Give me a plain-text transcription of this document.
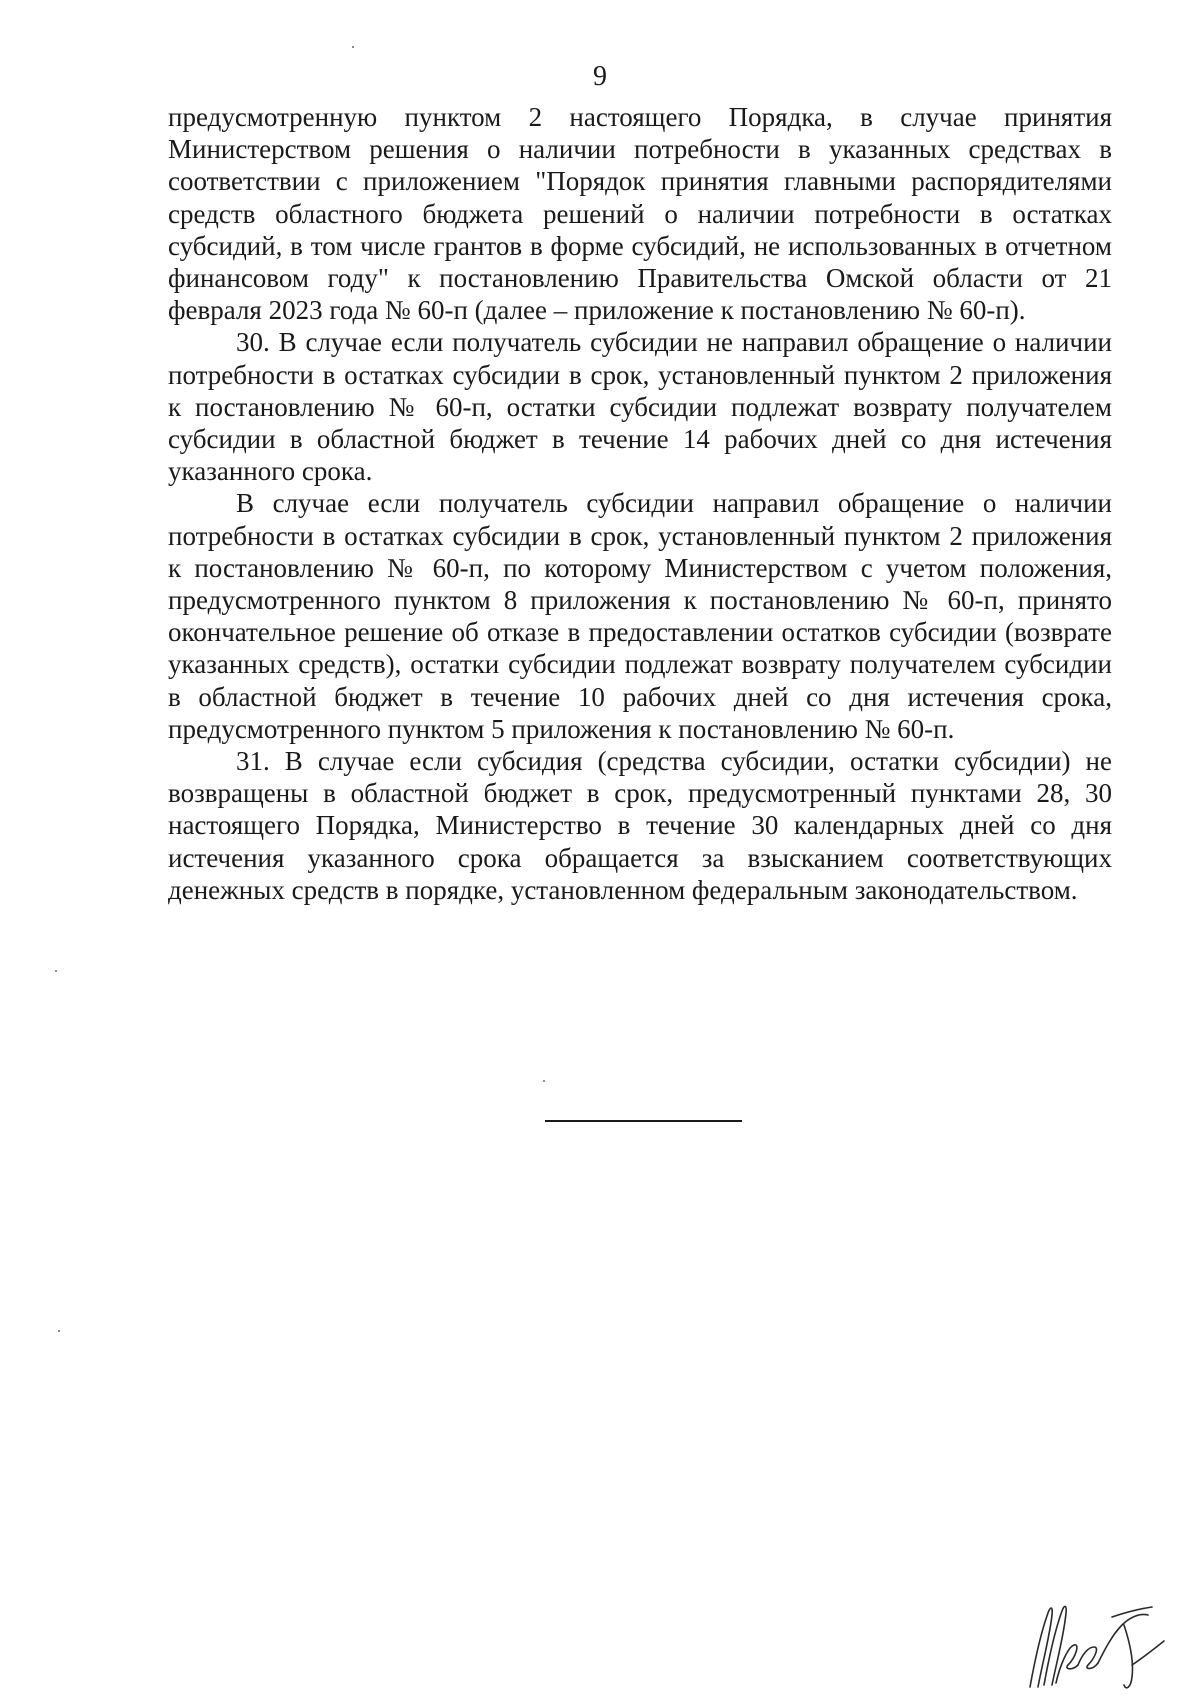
9

предусмотренную пунктом 2 настоящего Порядка, в случае принятия Министерством решения о наличии потребности в указанных средствах в соответствии с приложением "Порядок принятия главными распорядителями средств областного бюджета решений о наличии потребности в остатках субсидий, в том числе грантов в форме субсидий, не использованных в отчетном финансовом году" к постановлению Правительства Омской области от 21 февраля 2023 года № 60-п (далее – приложение к постановлению № 60-п).

30. В случае если получатель субсидии не направил обращение о наличии потребности в остатках субсидии в срок, установленный пунктом 2 приложения к постановлению № 60-п, остатки субсидии подлежат возврату получателем субсидии в областной бюджет в течение 14 рабочих дней со дня истечения указанного срока.

В случае если получатель субсидии направил обращение о наличии потребности в остатках субсидии в срок, установленный пунктом 2 приложения к постановлению № 60-п, по которому Министерством с учетом положения, предусмотренного пунктом 8 приложения к постановлению № 60-п, принято окончательное решение об отказе в предоставлении остатков субсидии (возврате указанных средств), остатки субсидии подлежат возврату получателем субсидии в областной бюджет в течение 10 рабочих дней со дня истечения срока, предусмотренного пунктом 5 приложения к постановлению № 60-п.

31. В случае если субсидия (средства субсидии, остатки субсидии) не возвращены в областной бюджет в срок, предусмотренный пунктами 28, 30 настоящего Порядка, Министерство в течение 30 календарных дней со дня истечения указанного срока обращается за взысканием соответствующих денежных средств в порядке, установленном федеральным законодательством.
